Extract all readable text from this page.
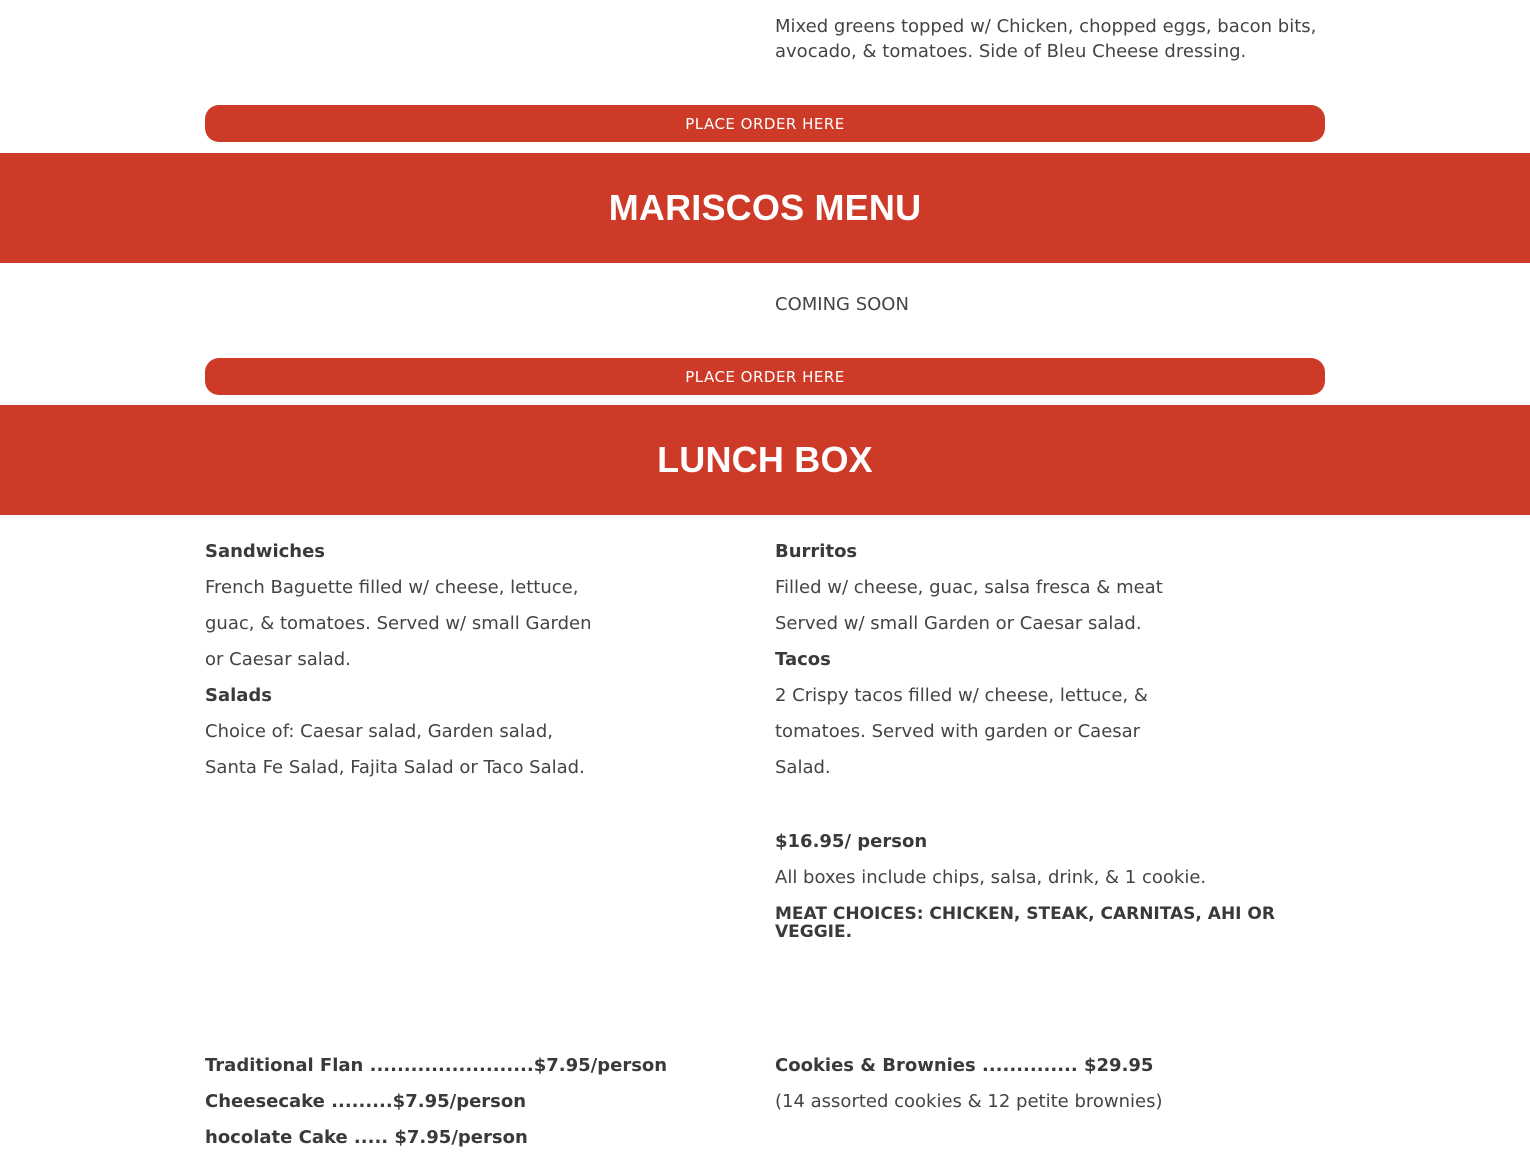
Mixed greens topped w/ Chicken, chopped eggs, bacon bits,

avocado, & tomatoes. Side of Bleu Cheese dressing.

PLACE ORDER HERE
MARISCOS MENU
COMING SOON
PLACE ORDER HERE
LUNCH BOX
Sandwiches
French Baguette filled w/ cheese, lettuce,
guac, & tomatoes. Served w/ small Garden
or Caesar salad.
Salads
Choice of: Caesar salad, Garden salad,
Santa Fe Salad, Fajita Salad or Taco Salad.
Burritos
Filled w/ cheese, guac, salsa fresca & meat
Served w/ small Garden or Caesar salad.
Tacos
2 Crispy tacos filled w/ cheese, lettuce, &
tomatoes. Served with garden or Caesar
Salad.
$16.95/ person
All boxes include chips, salsa, drink, & 1 cookie.

MEAT CHOICES: CHICKEN, STEAK, CARNITAS, AHI OR

VEGGIE.

Traditional Flan ........................$7.95/person
Cheesecake .........$7.95/person
hocolate Cake ..... $7.95/person
Cookies & Brownies .............. $29.95
(14 assorted cookies & 12 petite brownies)
